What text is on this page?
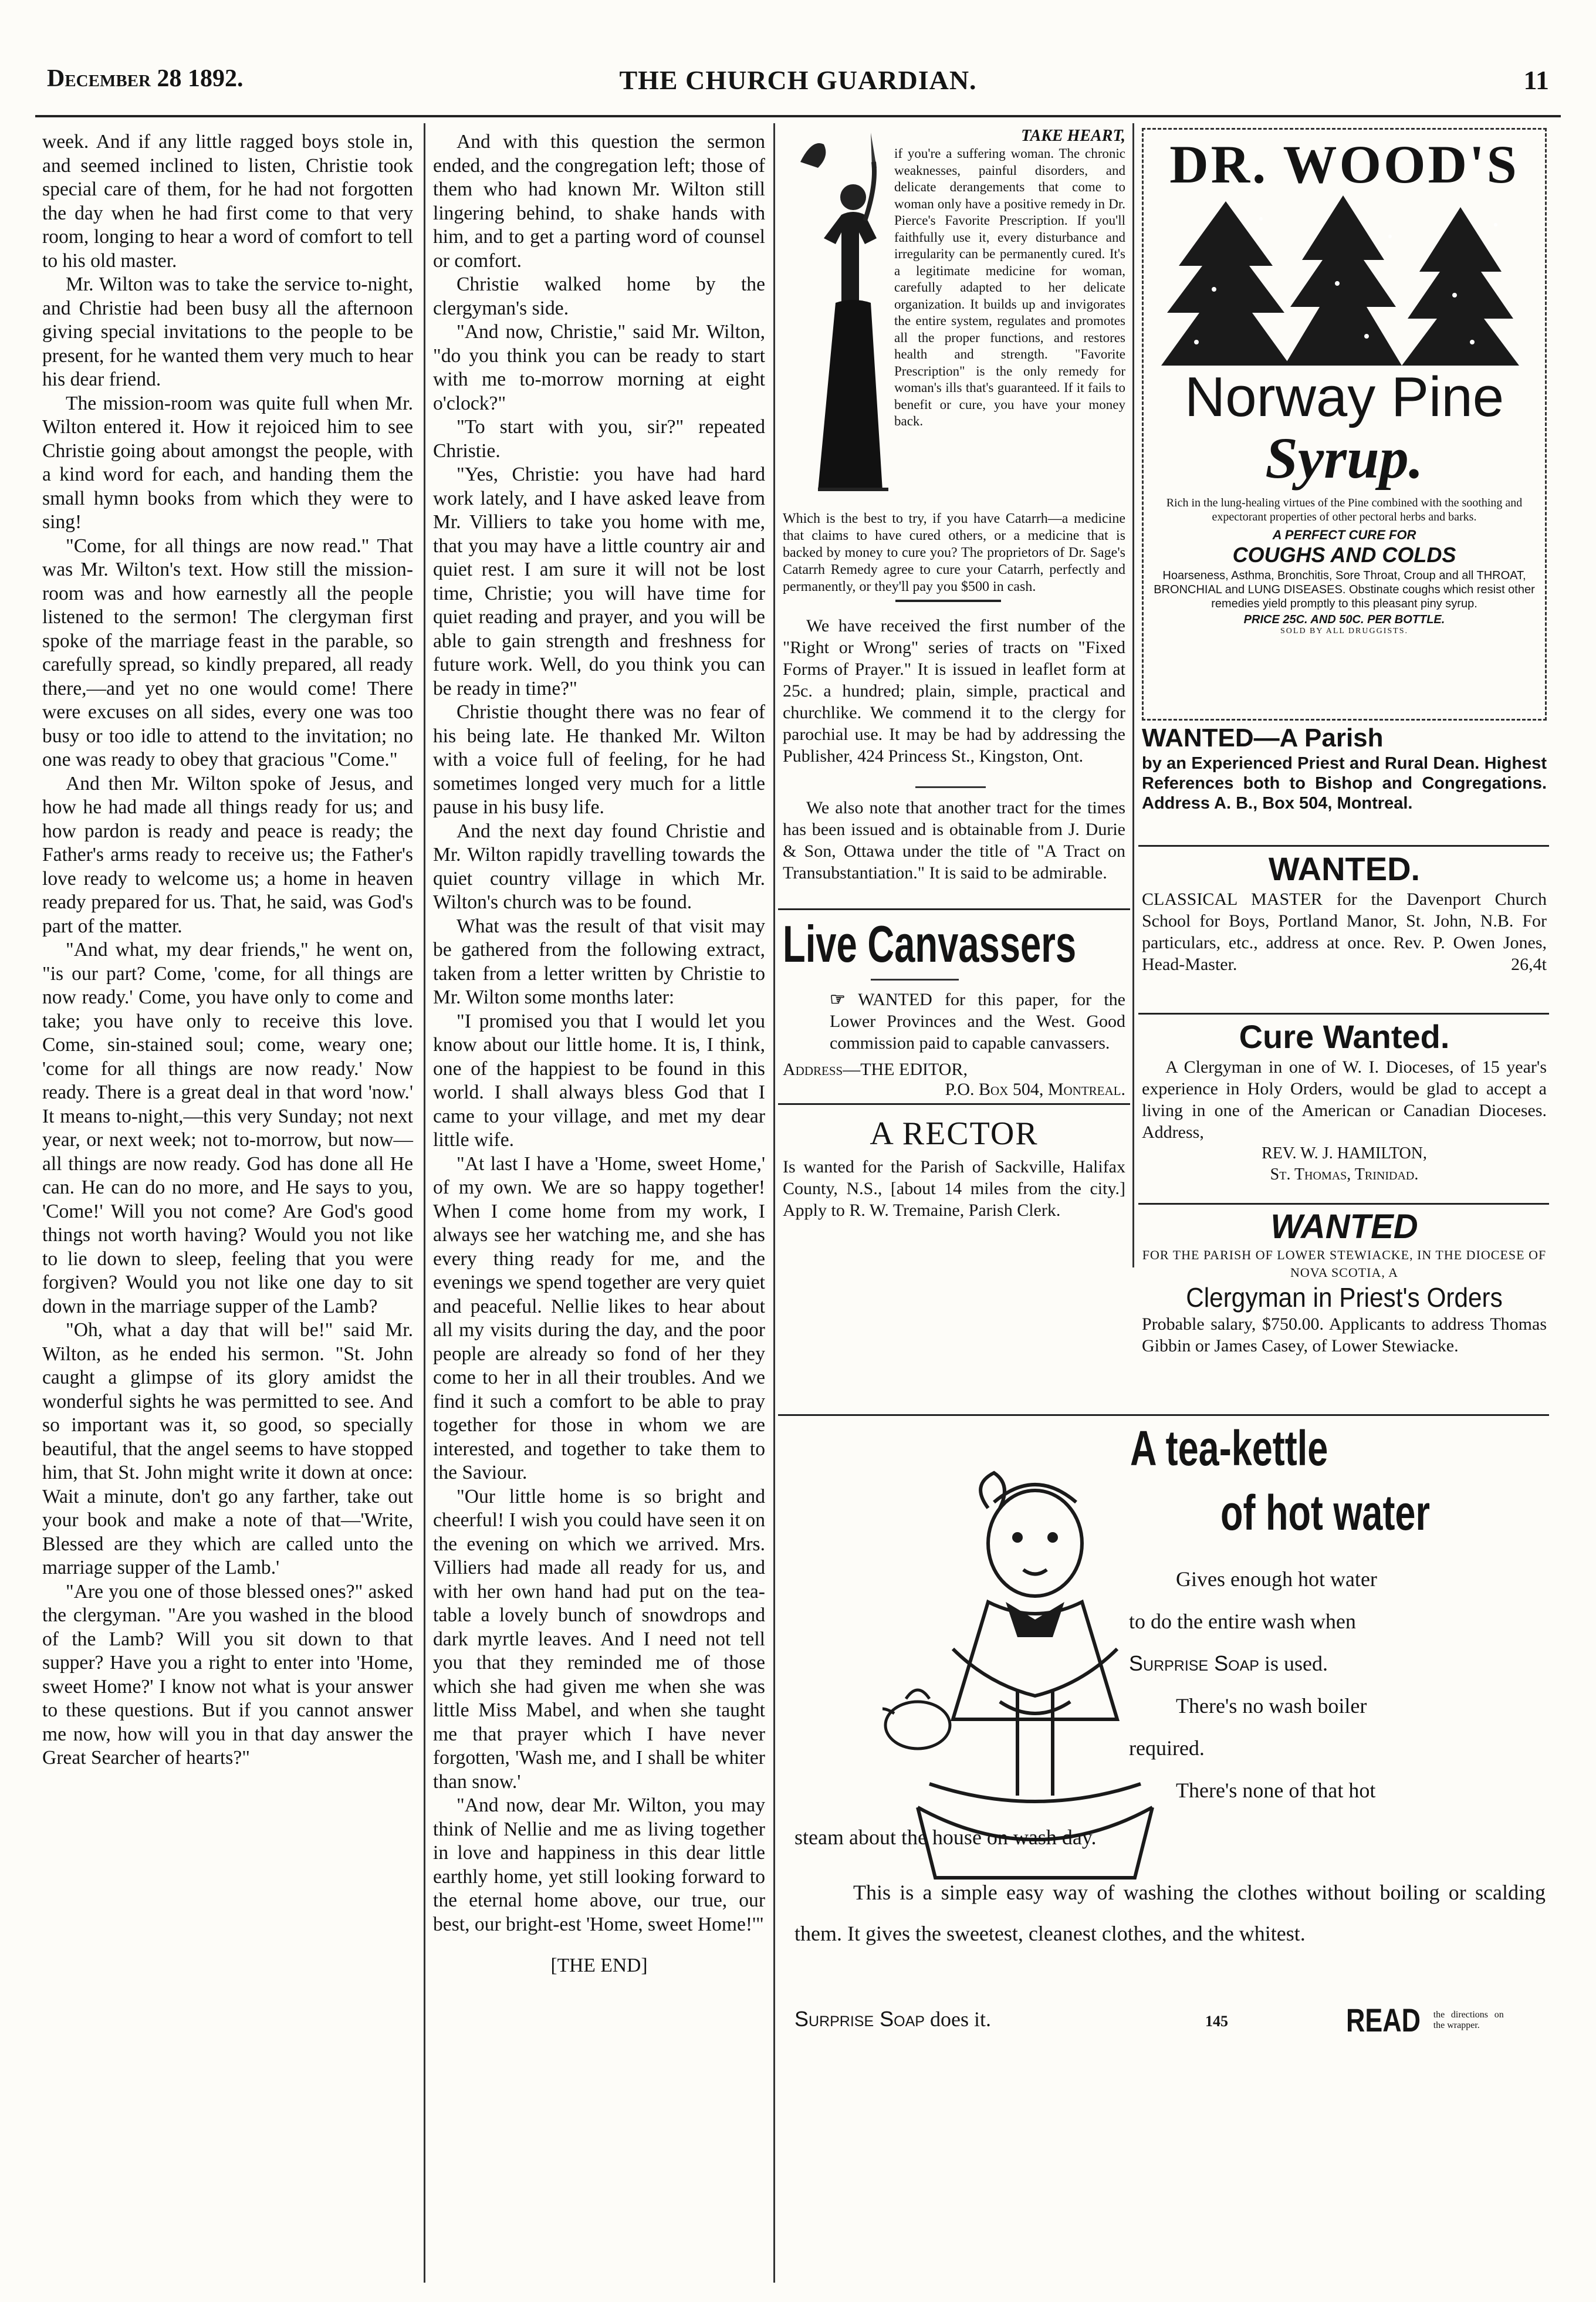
December 28 1892.	THE CHURCH GUARDIAN.	11

week. And if any little ragged boys stole in, and seemed inclined to listen, Christie took special care of them, for he had not forgotten the day when he had first come to that very room, longing to hear a word of comfort to tell to his old master.

Mr. Wilton was to take the service to-night, and Christie had been busy all the afternoon giving special invitations to the people to be present, for he wanted them very much to hear his dear friend.

The mission-room was quite full when Mr. Wilton entered it. How it rejoiced him to see Christie going about amongst the people, with a kind word for each, and handing them the small hymn books from which they were to sing!

"Come, for all things are now read." That was Mr. Wilton's text. How still the mission-room was and how earnestly all the people listened to the sermon! The clergyman first spoke of the marriage feast in the parable, so carefully spread, so kindly prepared, all ready there,—and yet no one would come! There were excuses on all sides, every one was too busy or too idle to attend to the invitation; no one was ready to obey that gracious "Come."

And then Mr. Wilton spoke of Jesus, and how he had made all things ready for us; and how pardon is ready and peace is ready; the Father's arms ready to receive us; the Father's love ready to welcome us; a home in heaven ready prepared for us. That, he said, was God's part of the matter.

"And what, my dear friends," he went on, "is our part? Come, 'come, for all things are now ready.' Come, you have only to come and take; you have only to receive this love. Come, sin-stained soul; come, weary one; 'come for all things are now ready.' Now ready. There is a great deal in that word 'now.' It means to-night,—this very Sunday; not next year, or next week; not to-morrow, but now—all things are now ready. God has done all He can. He can do no more, and He says to you, 'Come!' Will you not come? Are God's good things not worth having? Would you not like to lie down to sleep, feeling that you were forgiven? Would you not like one day to sit down in the marriage supper of the Lamb?

"Oh, what a day that will be!" said Mr. Wilton, as he ended his sermon. "St. John caught a glimpse of its glory amidst the wonderful sights he was permitted to see. And so important was it, so good, so specially beautiful, that the angel seems to have stopped him, that St. John might write it down at once: Wait a minute, don't go any farther, take out your book and make a note of that—'Write, Blessed are they which are called unto the marriage supper of the Lamb.'

"Are you one of those blessed ones?" asked the clergyman. "Are you washed in the blood of the Lamb? Will you sit down to that supper? Have you a right to enter into 'Home, sweet Home?' I know not what is your answer to these questions. But if you cannot answer me now, how will you in that day answer the Great Searcher of hearts?"

And with this question the sermon ended, and the congregation left; those of them who had known Mr. Wilton still lingering behind, to shake hands with him, and to get a parting word of counsel or comfort.

Christie walked home by the clergyman's side.

"And now, Christie," said Mr. Wilton, "do you think you can be ready to start with me to-morrow morning at eight o'clock?"

"To start with you, sir?" repeated Christie.

"Yes, Christie: you have had hard work lately, and I have asked leave from Mr. Villiers to take you home with me, that you may have a little country air and quiet rest. I am sure it will not be lost time, Christie; you will have time for quiet reading and prayer, and you will be able to gain strength and freshness for future work. Well, do you think you can be ready in time?"

Christie thought there was no fear of his being late. He thanked Mr. Wilton with a voice full of feeling, for he had sometimes longed very much for a little pause in his busy life.

And the next day found Christie and Mr. Wilton rapidly travelling towards the quiet country village in which Mr. Wilton's church was to be found.

What was the result of that visit may be gathered from the following extract, taken from a letter written by Christie to Mr. Wilton some months later:

"I promised you that I would let you know about our little home. It is, I think, one of the happiest to be found in this world. I shall always bless God that I came to your village, and met my dear little wife.

"At last I have a 'Home, sweet Home,' of my own. We are so happy together! When I come home from my work, I always see her watching me, and she has every thing ready for me, and the evenings we spend together are very quiet and peaceful. Nellie likes to hear about all my visits during the day, and the poor people are already so fond of her they come to her in all their troubles. And we find it such a comfort to be able to pray together for those in whom we are interested, and together to take them to the Saviour.

"Our little home is so bright and cheerful! I wish you could have seen it on the evening on which we arrived. Mrs. Villiers had made all ready for us, and with her own hand had put on the tea-table a lovely bunch of snowdrops and dark myrtle leaves. And I need not tell you that they reminded me of those which she had given me when she was little Miss Mabel, and when she taught me that prayer which I have never forgotten, 'Wash me, and I shall be whiter than snow.'

"And now, dear Mr. Wilton, you may think of Nellie and me as living together in love and happiness in this dear little earthly home, yet still looking forward to the eternal home above, our true, our best, our bright-est 'Home, sweet Home!'"

[THE END]
TAKE HEART,
if you're a suffering woman. The chronic weaknesses, painful disorders, and delicate derangements that come to woman only have a positive remedy in Dr. Pierce's Favorite Prescription. If you'll faithfully use it, every disturbance and irregularity can be permanently cured. It's a legitimate medicine for woman, carefully adapted to her delicate organization. It builds up and invigorates the entire system, regulates and promotes all the proper functions, and restores health and strength. "Favorite Prescription" is the only remedy for woman's ills that's guaranteed. If it fails to benefit or cure, you have your money back.
Which is the best to try, if you have Catarrh—a medicine that claims to have cured others, or a medicine that is backed by money to cure you? The proprietors of Dr. Sage's Catarrh Remedy agree to cure your Catarrh, perfectly and permanently, or they'll pay you $500 in cash.
We have received the first number of the "Right or Wrong" series of tracts on "Fixed Forms of Prayer." It is issued in leaflet form at 25c. a hundred; plain, simple, practical and churchlike. We commend it to the clergy for parochial use. It may be had by addressing the Publisher, 424 Princess St., Kingston, Ont.
We also note that another tract for the times has been issued and is obtainable from J. Durie & Son, Ottawa under the title of "A Tract on Transubstantiation." It is said to be admirable.
Live Canvassers
☞ WANTED for this paper, for the Lower Provinces and the West. Good commission paid to capable canvassers.
Address—THE EDITOR,
P.O. Box 504, Montreal.
A RECTOR
Is wanted for the Parish of Sackville, Halifax County, N.S., [about 14 miles from the city.] Apply to R. W. Tremaine, Parish Clerk.
DR. WOOD'S
Norway Pine
Syrup.
Rich in the lung-healing virtues of the Pine combined with the soothing and expectorant properties of other pectoral herbs and barks.
A PERFECT CURE FOR
COUGHS AND COLDS
Hoarseness, Asthma, Bronchitis, Sore Throat, Croup and all THROAT, BRONCHIAL and LUNG DISEASES. Obstinate coughs which resist other remedies yield promptly to this pleasant piny syrup.
PRICE 25C. AND 50C. PER BOTTLE.
SOLD BY ALL DRUGGISTS.
WANTED—A Parish
by an Experienced Priest and Rural Dean. Highest References both to Bishop and Congregations. Address A. B., Box 504, Montreal.
WANTED.
CLASSICAL MASTER for the Davenport Church School for Boys, Portland Manor, St. John, N.B. For particulars, etc., address at once. Rev. P. Owen Jones, Head-Master.	26,4t
Cure Wanted.
A Clergyman in one of W. I. Dioceses, of 15 year's experience in Holy Orders, would be glad to accept a living in one of the American or Canadian Dioceses. Address,
REV. W. J. HAMILTON,
St. Thomas, Trinidad.
WANTED
FOR THE PARISH OF LOWER STEWIACKE, IN THE DIOCESE OF NOVA SCOTIA, A
Clergyman in Priest's Orders
Probable salary, $750.00. Applicants to address Thomas Gibbin or James Casey, of Lower Stewiacke.
A tea-kettle
of hot water
Gives enough hot water
to do the entire wash when
Surprise Soap is used.
There's no wash boiler
required.
There's none of that hot
steam about the house on wash day.
This is a simple easy way of washing the clothes without boiling or scalding them. It gives the sweetest, cleanest clothes, and the whitest.
Surprise Soap does it.	145	READ the directions on the wrapper.
